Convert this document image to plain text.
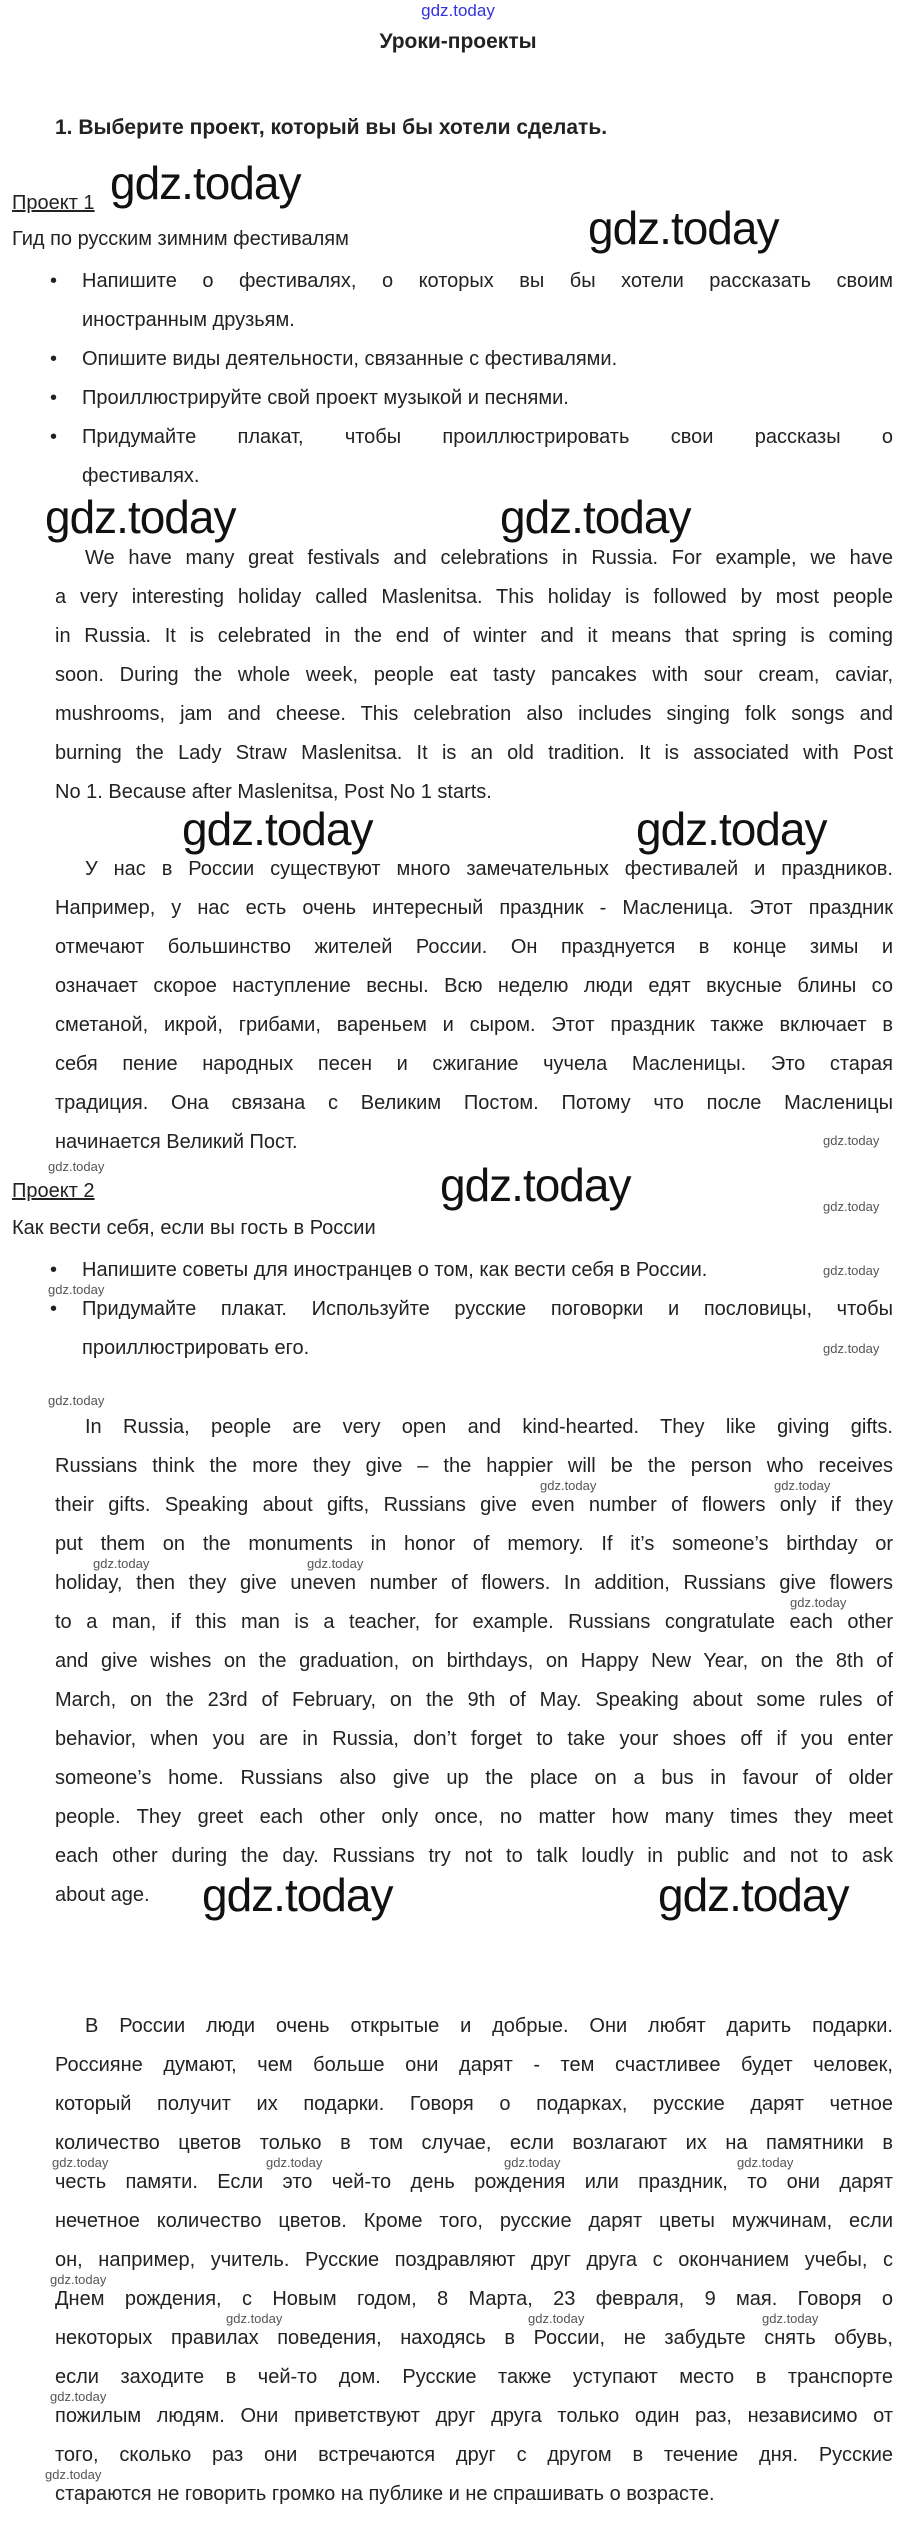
gdz.today
Уроки-проекты
1. Выберите проект, который вы бы хотели сделать.
Проект 1
Гид по русским зимним фестивалям
• Напишите о фестивалях, о которых вы бы хотели рассказать своим
иностранным друзьям.
• Опишите виды деятельности, связанные с фестивалями.
• Проиллюстрируйте свой проект музыкой и песнями.
• Придумайте плакат, чтобы проиллюстрировать свои рассказы о
фестивалях.
We have many great festivals and celebrations in Russia. For example, we have
a very interesting holiday called Maslenitsa. This holiday is followed by most people
in Russia. It is celebrated in the end of winter and it means that spring is coming
soon. During the whole week, people eat tasty pancakes with sour cream, caviar,
mushrooms, jam and cheese. This celebration also includes singing folk songs and
burning the Lady Straw Maslenitsa. It is an old tradition. It is associated with Post
No 1. Because after Maslenitsa, Post No 1 starts.
У нас в России существуют много замечательных фестивалей и праздников.
Например, у нас есть очень интересный праздник - Масленица. Этот праздник
отмечают большинство жителей России. Он празднуется в конце зимы и
означает скорое наступление весны. Всю неделю люди едят вкусные блины со
сметаной, икрой, грибами, вареньем и сыром. Этот праздник также включает в
себя пение народных песен и сжигание чучела Масленицы. Это старая
традиция. Она связана с Великим Постом. Потому что после Масленицы
начинается Великий Пост.
Проект 2
Как вести себя, если вы гость в России
• Напишите советы для иностранцев о том, как вести себя в России.
• Придумайте плакат. Используйте русские поговорки и пословицы, чтобы
проиллюстрировать его.
In Russia, people are very open and kind-hearted. They like giving gifts.
Russians think the more they give – the happier will be the person who receives
their gifts. Speaking about gifts, Russians give even number of flowers only if they
put them on the monuments in honor of memory. If it’s someone’s birthday or
holiday, then they give uneven number of flowers. In addition, Russians give flowers
to a man, if this man is a teacher, for example. Russians congratulate each other
and give wishes on the graduation, on birthdays, on Happy New Year, on the 8th of
March, on the 23rd of February, on the 9th of May. Speaking about some rules of
behavior, when you are in Russia, don’t forget to take your shoes off if you enter
someone’s home. Russians also give up the place on a bus in favour of older
people. They greet each other only once, no matter how many times they meet
each other during the day. Russians try not to talk loudly in public and not to ask
about age.
В России люди очень открытые и добрые. Они любят дарить подарки.
Россияне думают, чем больше они дарят - тем счастливее будет человек,
который получит их подарки. Говоря о подарках, русские дарят четное
количество цветов только в том случае, если возлагают их на памятники в
честь памяти. Если это чей-то день рождения или праздник, то они дарят
нечетное количество цветов. Кроме того, русские дарят цветы мужчинам, если
он, например, учитель. Русские поздравляют друг друга с окончанием учебы, с
Днем рождения, с Новым годом, 8 Марта, 23 февраля, 9 мая. Говоря о
некоторых правилах поведения, находясь в России, не забудьте снять обувь,
если заходите в чей-то дом. Русские также уступают место в транспорте
пожилым людям. Они приветствуют друг друга только один раз, независимо от
того, сколько раз они встречаются друг с другом в течение дня. Русские
стараются не говорить громко на публике и не спрашивать о возрасте.
gdz.today
gdz.today
gdz.today	gdz.today
gdz.today	gdz.today
gdz.today
gdz.today	gdz.today
gdz.today
gdz.today
gdz.today
gdz.today
gdz.today
gdz.today
gdz.today
gdz.today	gdz.today
gdz.today	gdz.today
gdz.today
gdz.today	gdz.today	gdz.today	gdz.today
gdz.today
gdz.today	gdz.today	gdz.today
gdz.today
gdz.today
